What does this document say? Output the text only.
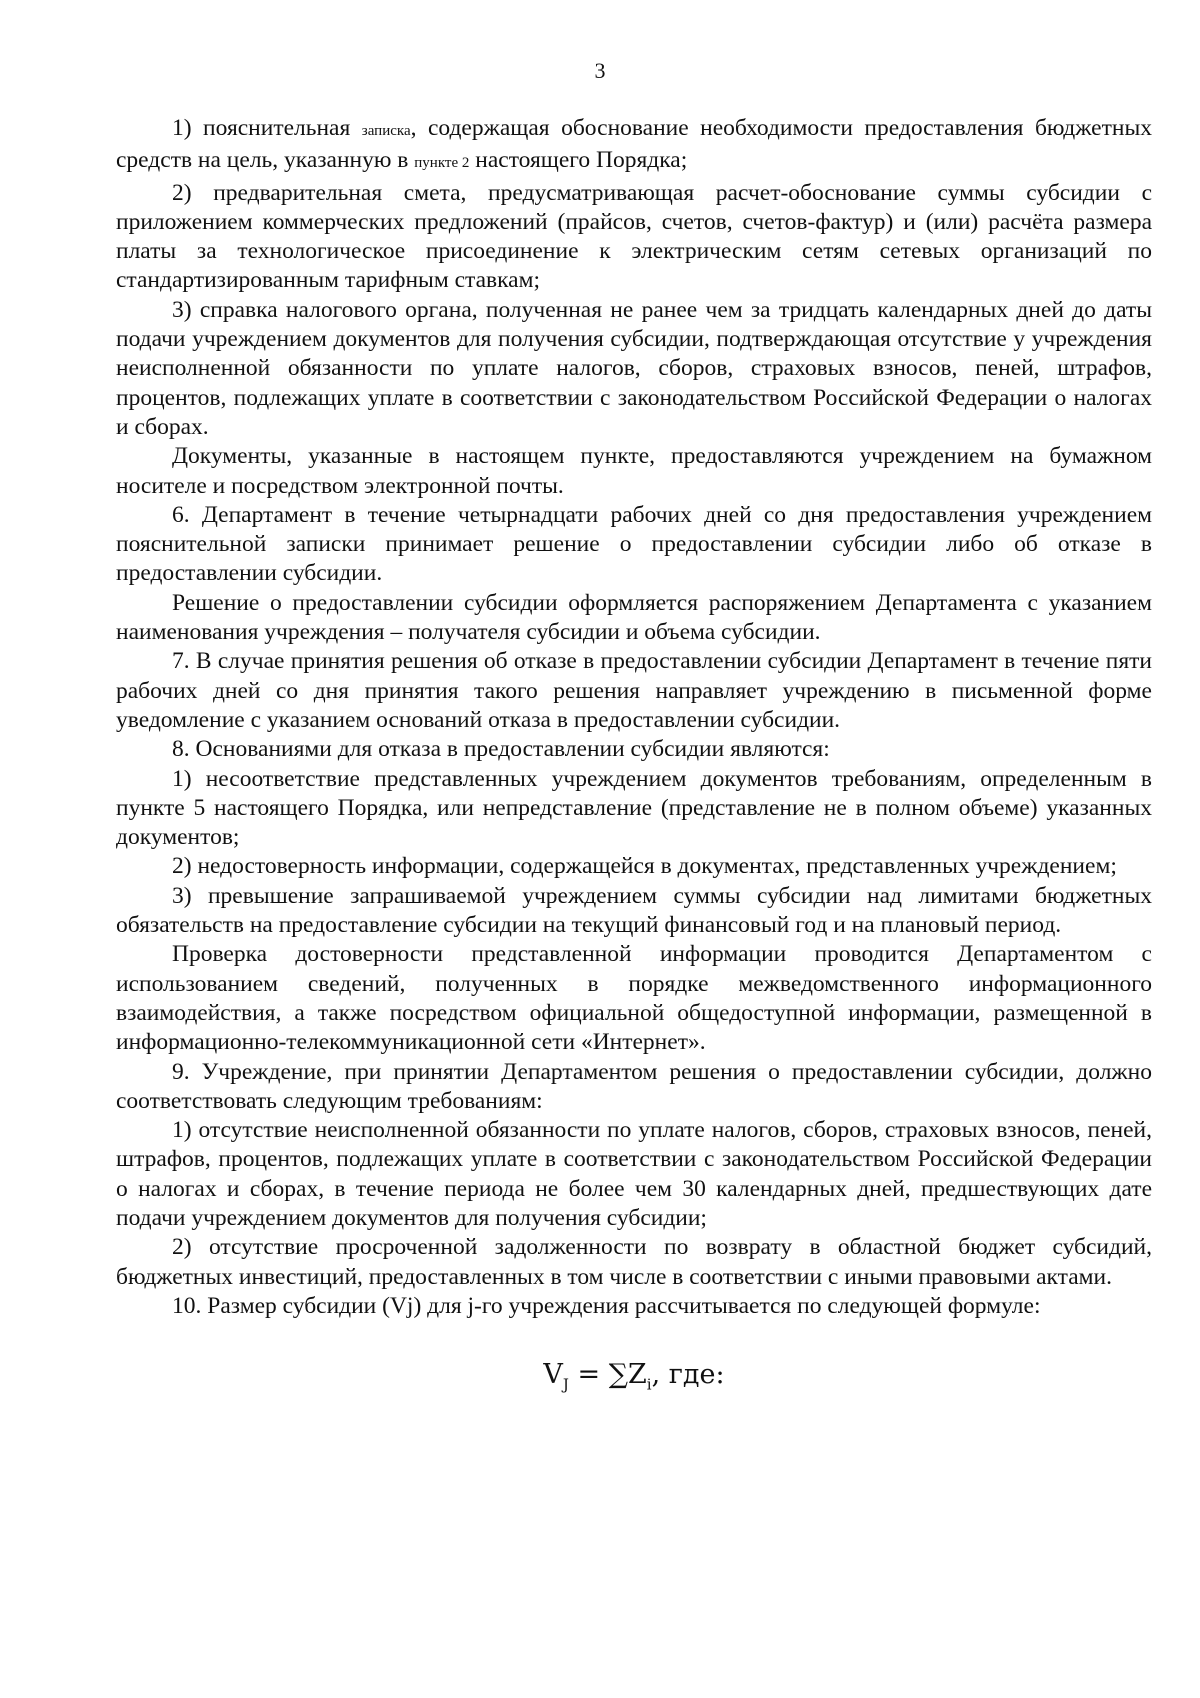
3

1) пояснительная записка, содержащая обоснование необходимости предоставления бюджетных средств на цель, указанную в пункте 2 настоящего Порядка;

2) предварительная смета, предусматривающая расчет-обоснование суммы субсидии с приложением коммерческих предложений (прайсов, счетов, счетов-фактур) и (или) расчёта размера платы за технологическое присоединение к электрическим сетям сетевых организаций по стандартизированным тарифным ставкам;

3) справка налогового органа, полученная не ранее чем за тридцать календарных дней до даты подачи учреждением документов для получения субсидии, подтверждающая отсутствие у учреждения неисполненной обязанности по уплате налогов, сборов, страховых взносов, пеней, штрафов, процентов, подлежащих уплате в соответствии с законодательством Российской Федерации о налогах и сборах.

Документы, указанные в настоящем пункте, предоставляются учреждением на бумажном носителе и посредством электронной почты.

6. Департамент в течение четырнадцати рабочих дней со дня предоставления учреждением пояснительной записки принимает решение о предоставлении субсидии либо об отказе в предоставлении субсидии.

Решение о предоставлении субсидии оформляется распоряжением Департамента с указанием наименования учреждения – получателя субсидии и объема субсидии.

7. В случае принятия решения об отказе в предоставлении субсидии Департамент в течение пяти рабочих дней со дня принятия такого решения направляет учреждению в письменной форме уведомление с указанием оснований отказа в предоставлении субсидии.

8. Основаниями для отказа в предоставлении субсидии являются:

1) несоответствие представленных учреждением документов требованиям, определенным в пункте 5 настоящего Порядка, или непредставление (представление не в полном объеме) указанных документов;

2) недостоверность информации, содержащейся в документах, представленных учреждением;

3) превышение запрашиваемой учреждением суммы субсидии над лимитами бюджетных обязательств на предоставление субсидии на текущий финансовый год и на плановый период.

Проверка достоверности представленной информации проводится Департаментом с использованием сведений, полученных в порядке межведомственного информационного взаимодействия, а также посредством официальной общедоступной информации, размещенной в информационно-телекоммуникационной сети «Интернет».

9. Учреждение, при принятии Департаментом решения о предоставлении субсидии, должно соответствовать следующим требованиям:

1) отсутствие неисполненной обязанности по уплате налогов, сборов, страховых взносов, пеней, штрафов, процентов, подлежащих уплате в соответствии с законодательством Российской Федерации о налогах и сборах, в течение периода не более чем 30 календарных дней, предшествующих дате подачи учреждением документов для получения субсидии;

2) отсутствие просроченной задолженности по возврату в областной бюджет субсидий, бюджетных инвестиций, предоставленных в том числе в соответствии с иными правовыми актами.

10. Размер субсидии (Vj) для j-го учреждения рассчитывается по следующей формуле:

$V_J = \sum Z_i$, где:
